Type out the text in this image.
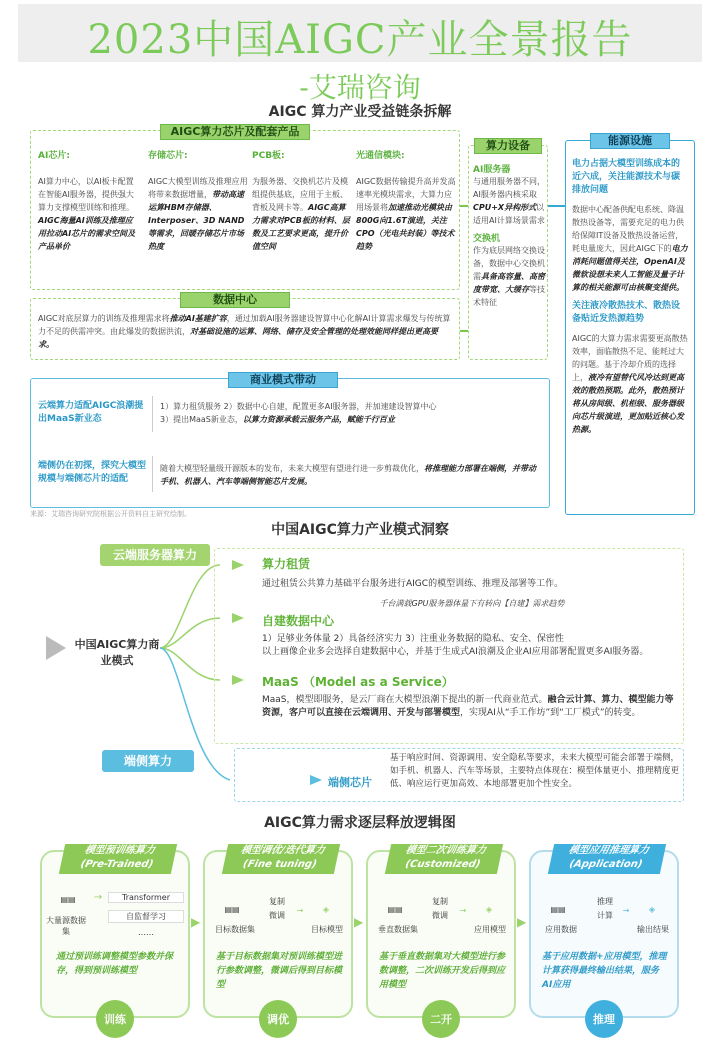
2023中国AIGC产业全景报告
-艾瑞咨询
AIGC 算力产业受益链条拆解
AIGC算力芯片及配套产品
AI芯片:
AI算力中心，以AI板卡配置在智能AI服务器，提供强大算力支撑模型训练和推理。AIGC海量AI训练及推理应用拉动AI芯片的需求空间及产品单价
存储芯片:
AIGC大模型训练及推理应用将带来数据增量，带动高速运算HBM存储器、Interposer、3D NAND等需求，回暖存储芯片市场热度
PCB板:
为服务器、交换机芯片及模组提供基底，应用于主板、背板及网卡等。AIGC高算力需求对PCB板的材料、层数及工艺要求更高，提升价值空间
光通信模块:
AIGC数据传输提升高并发高速率光模块需求，大算力应用场景将加速推动光模块由800G向1.6T演进，关注CPO（光电共封装）等技术趋势
数据中心
AIGC对底层算力的训练及推理需求将推动AI基建扩容，通过加载AI服务器建设智算中心化解AI计算需求爆发与传统算力不足的供需冲突。由此爆发的数据洪流，对基础设施的运算、网络、储存及安全管理的处理效能同样提出更高要求。
商业模式带动
云端算力适配AIGC浪潮提出MaaS新业态
1）算力租赁服务 2）数据中心自建，配置更多AI服务器，并加速建设智算中心
3）提出MaaS新业态，以算力资源承载云服务产品，赋能千行百业
端侧仍在初探，探究大模型规模与端侧芯片的适配
随着大模型轻量级开源版本的发布，未来大模型有望进行进一步剪裁优化，将推理能力部署在端侧，并带动手机、机器人、汽车等端侧智能芯片发展。
算力设备
AI服务器
与通用服务器不同，AI服务器内核采取CPU+X异构形式以适用AI计算场景需求
交换机
作为底层网络交换设备，数据中心交换机需具备高容量、高密度带宽、大缓存等技术特征
能源设施
电力占据大模型训练成本的近六成，关注能源技术与碳排放问题
数据中心配备供配电系统、降温散热设备等，需要充足的电力供给保障IT设备及散热设备运营，耗电量庞大，因此AIGC下的电力消耗问题值得关注，OpenAI及微软设想未来人工智能及量子计算的相关能源可由核聚变提供。
关注液冷散热技术、散热设备贴近发热源趋势
AIGC的大算力需求需要更高散热效率，面临散热不足、能耗过大的问题。基于冷却介质的选择上，液冷有望替代风冷达到更高效的散热预期。此外，散热预计将从房间级、机柜级、服务器级向芯片级演进，更加贴近核心发热源。
来源：艾瑞咨询研究院根据公开资料自主研究绘制。
中国AIGC算力产业模式洞察
云端服务器算力
端侧算力
中国AIGC算力商业模式
算力租赁
通过租赁公共算力基础平台服务进行AIGC的模型训练、推理及部署等工作。
千台满载GPU服务器体量下有转向【自建】需求趋势
自建数据中心
1）足够业务体量 2）具备经济实力 3）注重业务数据的隐私、安全、保密性
以上画像企业多会选择自建数据中心，并基于生成式AI浪潮及企业AI应用部署配置更多AI服务器。
MaaS （Model as a Service）
MaaS，模型即服务，是云厂商在大模型浪潮下提出的新一代商业范式。融合云计算、算力、模型能力等资源，客户可以直接在云端调用、开发与部署模型，实现AI从“手工作坊”到“工厂模式”的转变。
端侧芯片
基于响应时间、资源调用、安全隐私等要求，未来大模型可能会部署于端侧，如手机、机器人、汽车等场景，主要特点体现在：模型体量更小、推理精度更低、响应运行更加高效、本地部署更加个性安全。
AIGC算力需求逐层释放逻辑图
模型预训练算力
(Pre-Trained)
▤▤
大量源数据集
→	Transformer
自监督学习
……
通过预训练调整模型参数并保存，得到预训练模型
训练
模型调优/迭代算力
(Fine tuning)
▤▤
目标数据集
复制
微调
→
目标模型
◈
基于目标数据集对预训练模型进行参数调整，微调后得到目标模型
调优
模型二次训练算力
(Customized)
▤▤
垂直数据集
复制
微调
→
应用模型
◈
基于垂直数据集对大模型进行参数调整，二次训练开发后得到应用模型
二开
模型应用推理算力
(Application)
▤▤
应用数据
推理
计算
→
输出结果
◈
基于应用数据+应用模型，推理计算获得最终输出结果，服务AI应用
推理
▶	▶	▶
